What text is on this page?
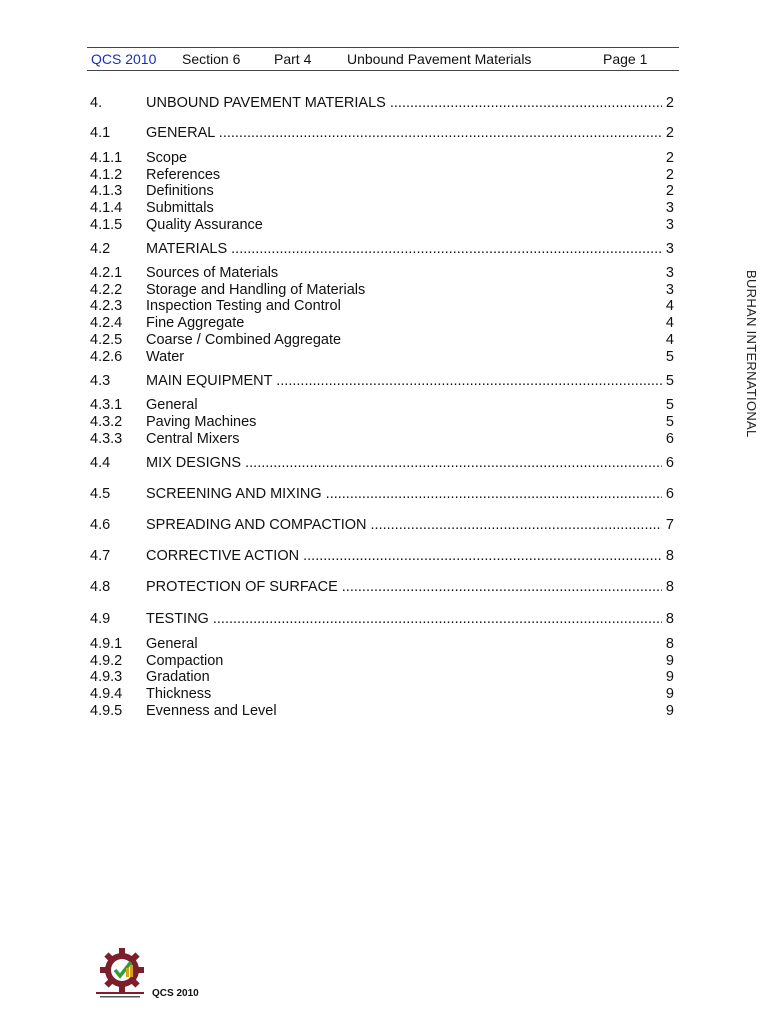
QCS 2010 Section 6 Part 4	Unbound Pavement Materials	Page 1
4.	UNBOUND PAVEMENT MATERIALS .....	2
4.1 GENERAL .....	2
4.1.1 Scope	2
4.1.2 References	2
4.1.3 Definitions	2
4.1.4 Submittals	3
4.1.5 Quality Assurance	3
4.2 MATERIALS .....	3
4.2.1 Sources of Materials	3
4.2.2 Storage and Handling of Materials	3
4.2.3 Inspection Testing and Control	4
4.2.4 Fine Aggregate	4
4.2.5 Coarse / Combined Aggregate	4
4.2.6 Water	5
4.3 MAIN EQUIPMENT .....	5
4.3.1 General	5
4.3.2 Paving Machines	5
4.3.3 Central Mixers	6
4.4 MIX DESIGNS .....	6
4.5 SCREENING AND MIXING .....	6
4.6 SPREADING AND COMPACTION .....	7
4.7 CORRECTIVE ACTION .....	8
4.8 PROTECTION OF SURFACE .....	8
4.9 TESTING .....	8
4.9.1 General	8
4.9.2 Compaction	9
4.9.3 Gradation	9
4.9.4 Thickness	9
4.9.5 Evenness and Level	9
BURHAN INTERNATIONAL
QCS 2010
